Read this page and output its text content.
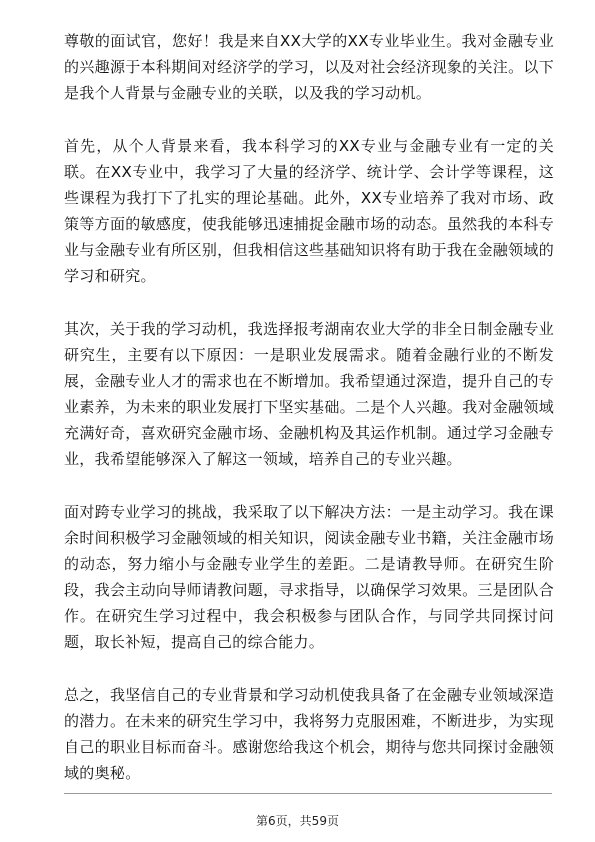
尊敬的面试官，您好！我是来自XX大学的XX专业毕业生。我对金融专业的兴趣源于本科期间对经济学的学习，以及对社会经济现象的关注。以下是我个人背景与金融专业的关联，以及我的学习动机。

首先，从个人背景来看，我本科学习的XX专业与金融专业有一定的关联。在XX专业中，我学习了大量的经济学、统计学、会计学等课程，这些课程为我打下了扎实的理论基础。此外，XX专业培养了我对市场、政策等方面的敏感度，使我能够迅速捕捉金融市场的动态。虽然我的本科专业与金融专业有所区别，但我相信这些基础知识将有助于我在金融领域的学习和研究。

其次，关于我的学习动机，我选择报考湖南农业大学的非全日制金融专业研究生，主要有以下原因：一是职业发展需求。随着金融行业的不断发展，金融专业人才的需求也在不断增加。我希望通过深造，提升自己的专业素养，为未来的职业发展打下坚实基础。二是个人兴趣。我对金融领域充满好奇，喜欢研究金融市场、金融机构及其运作机制。通过学习金融专业，我希望能够深入了解这一领域，培养自己的专业兴趣。

面对跨专业学习的挑战，我采取了以下解决方法：一是主动学习。我在课余时间积极学习金融领域的相关知识，阅读金融专业书籍，关注金融市场的动态，努力缩小与金融专业学生的差距。二是请教导师。在研究生阶段，我会主动向导师请教问题，寻求指导，以确保学习效果。三是团队合作。在研究生学习过程中，我会积极参与团队合作，与同学共同探讨问题，取长补短，提高自己的综合能力。

总之，我坚信自己的专业背景和学习动机使我具备了在金融专业领域深造的潜力。在未来的研究生学习中，我将努力克服困难，不断进步，为实现自己的职业目标而奋斗。感谢您给我这个机会，期待与您共同探讨金融领域的奥秘。

第6页，共59页
